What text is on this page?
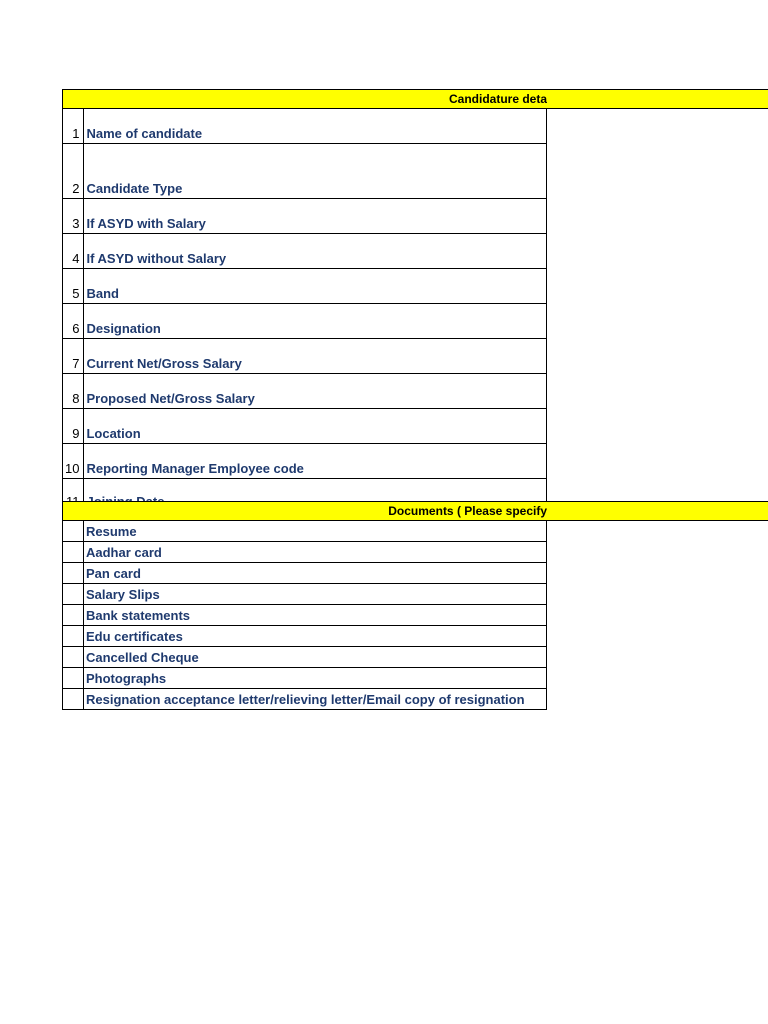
Candidature deta
1	Name of candidate
2	Candidate Type
3	If ASYD with Salary
4	If ASYD without Salary
5	Band
6	Designation
7	Current Net/Gross Salary
8	Proposed Net/Gross Salary
9	Location
10	Reporting Manager Employee code

Documents ( Please specify
	Resume
	Aadhar card
	Pan card
	Salary Slips
	Bank statements
	Edu certificates
	Cancelled Cheque
	Photographs
	Resignation acceptance letter/relieving letter/Email copy of resignation
